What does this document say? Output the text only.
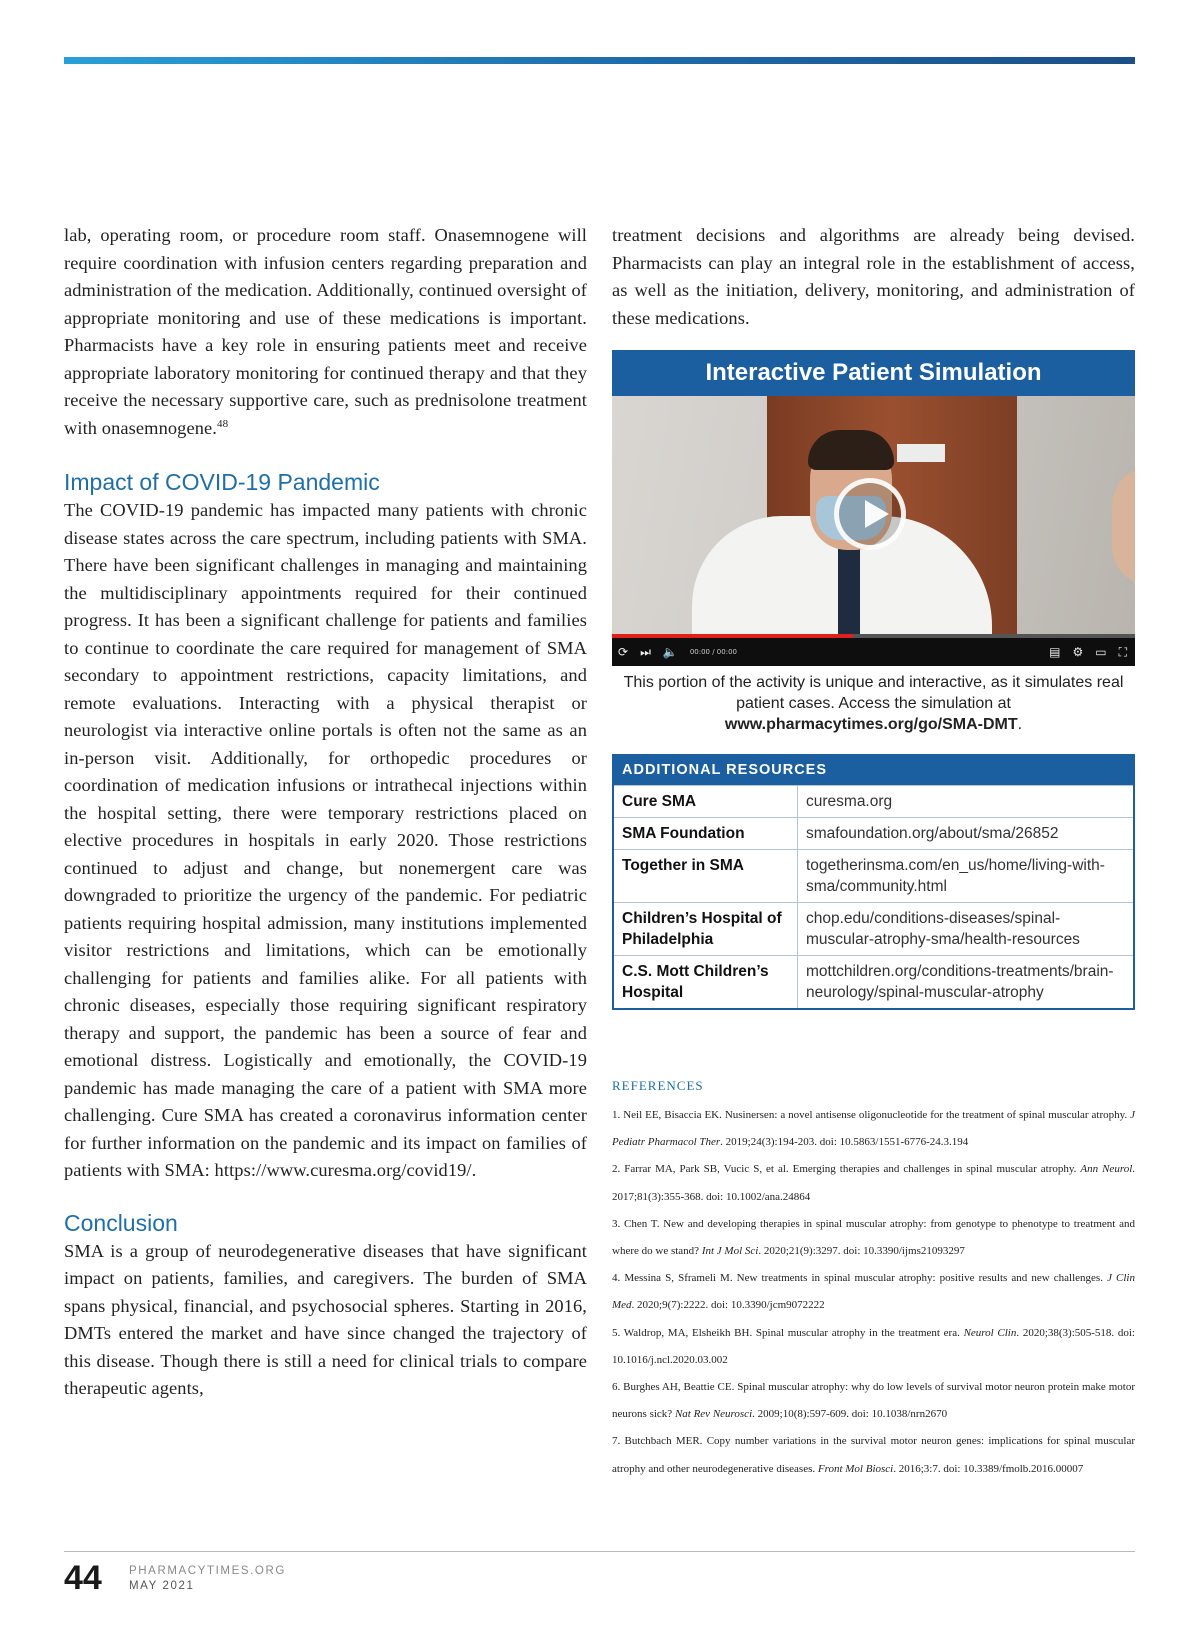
lab, operating room, or procedure room staff. Onasemnogene will require coordination with infusion centers regarding preparation and administration of the medication. Additionally, continued oversight of appropriate monitoring and use of these medications is important. Pharmacists have a key role in ensuring patients meet and receive appropriate laboratory monitoring for continued therapy and that they receive the necessary supportive care, such as prednisolone treatment with onasemnogene.$^{48}$

Impact of COVID-19 Pandemic

The COVID-19 pandemic has impacted many patients with chronic disease states across the care spectrum, including patients with SMA. There have been significant challenges in managing and maintaining the multidisciplinary appointments required for their continued progress. It has been a significant challenge for patients and families to continue to coordinate the care required for management of SMA secondary to appointment restrictions, capacity limitations, and remote evaluations. Interacting with a physical therapist or neurologist via interactive online portals is often not the same as an in-person visit. Additionally, for orthopedic procedures or coordination of medication infusions or intrathecal injections within the hospital setting, there were temporary restrictions placed on elective procedures in hospitals in early 2020. Those restrictions continued to adjust and change, but nonemergent care was downgraded to prioritize the urgency of the pandemic. For pediatric patients requiring hospital admission, many institutions implemented visitor restrictions and limitations, which can be emotionally challenging for patients and families alike. For all patients with chronic diseases, especially those requiring significant respiratory therapy and support, the pandemic has been a source of fear and emotional distress. Logistically and emotionally, the COVID-19 pandemic has made managing the care of a patient with SMA more challenging. Cure SMA has created a coronavirus information center for further information on the pandemic and its impact on families of patients with SMA: https://www.curesma.org/covid19/.

Conclusion

SMA is a group of neurodegenerative diseases that have significant impact on patients, families, and caregivers. The burden of SMA spans physical, financial, and psychosocial spheres. Starting in 2016, DMTs entered the market and have since changed the trajectory of this disease. Though there is still a need for clinical trials to compare therapeutic agents,

treatment decisions and algorithms are already being devised. Pharmacists can play an integral role in the establishment of access, as well as the initiation, delivery, monitoring, and administration of these medications.

Interactive Patient Simulation
⟳ ⏭ 🔈 00:00 / 00:00	▤ ⚙ ▭ ⛶
This portion of the activity is unique and interactive, as it simulates real patient cases. Access the simulation at
www.pharmacytimes.org/go/SMA-DMT.
ADDITIONAL RESOURCES
Cure SMA	curesma.org
SMA Foundation	smafoundation.org/about/sma/26852
Together in SMA	togetherinsma.com/en_us/home/living-with-sma/community.html
Children’s Hospital of Philadelphia	chop.edu/conditions-diseases/spinal-muscular-atrophy-sma/health-resources
C.S. Mott Children’s Hospital	mottchildren.org/conditions-treatments/brain-neurology/spinal-muscular-atrophy
REFERENCES

1. Neil EE, Bisaccia EK. Nusinersen: a novel antisense oligonucleotide for the treatment of spinal muscular atrophy. J Pediatr Pharmacol Ther. 2019;24(3):194-203. doi: 10.5863/1551-6776-24.3.194

2. Farrar MA, Park SB, Vucic S, et al. Emerging therapies and challenges in spinal muscular atrophy. Ann Neurol. 2017;81(3):355-368. doi: 10.1002/ana.24864

3. Chen T. New and developing therapies in spinal muscular atrophy: from genotype to phenotype to treatment and where do we stand? Int J Mol Sci. 2020;21(9):3297. doi: 10.3390/ijms21093297

4. Messina S, Sframeli M. New treatments in spinal muscular atrophy: positive results and new challenges. J Clin Med. 2020;9(7):2222. doi: 10.3390/jcm9072222

5. Waldrop, MA, Elsheikh BH. Spinal muscular atrophy in the treatment era. Neurol Clin. 2020;38(3):505-518. doi: 10.1016/j.ncl.2020.03.002

6. Burghes AH, Beattie CE. Spinal muscular atrophy: why do low levels of survival motor neuron protein make motor neurons sick? Nat Rev Neurosci. 2009;10(8):597-609. doi: 10.1038/nrn2670

7. Butchbach MER. Copy number variations in the survival motor neuron genes: implications for spinal muscular atrophy and other neurodegenerative diseases. Front Mol Biosci. 2016;3:7. doi: 10.3389/fmolb.2016.00007

44 PHARMACYTIMES.ORG
MAY 2021
